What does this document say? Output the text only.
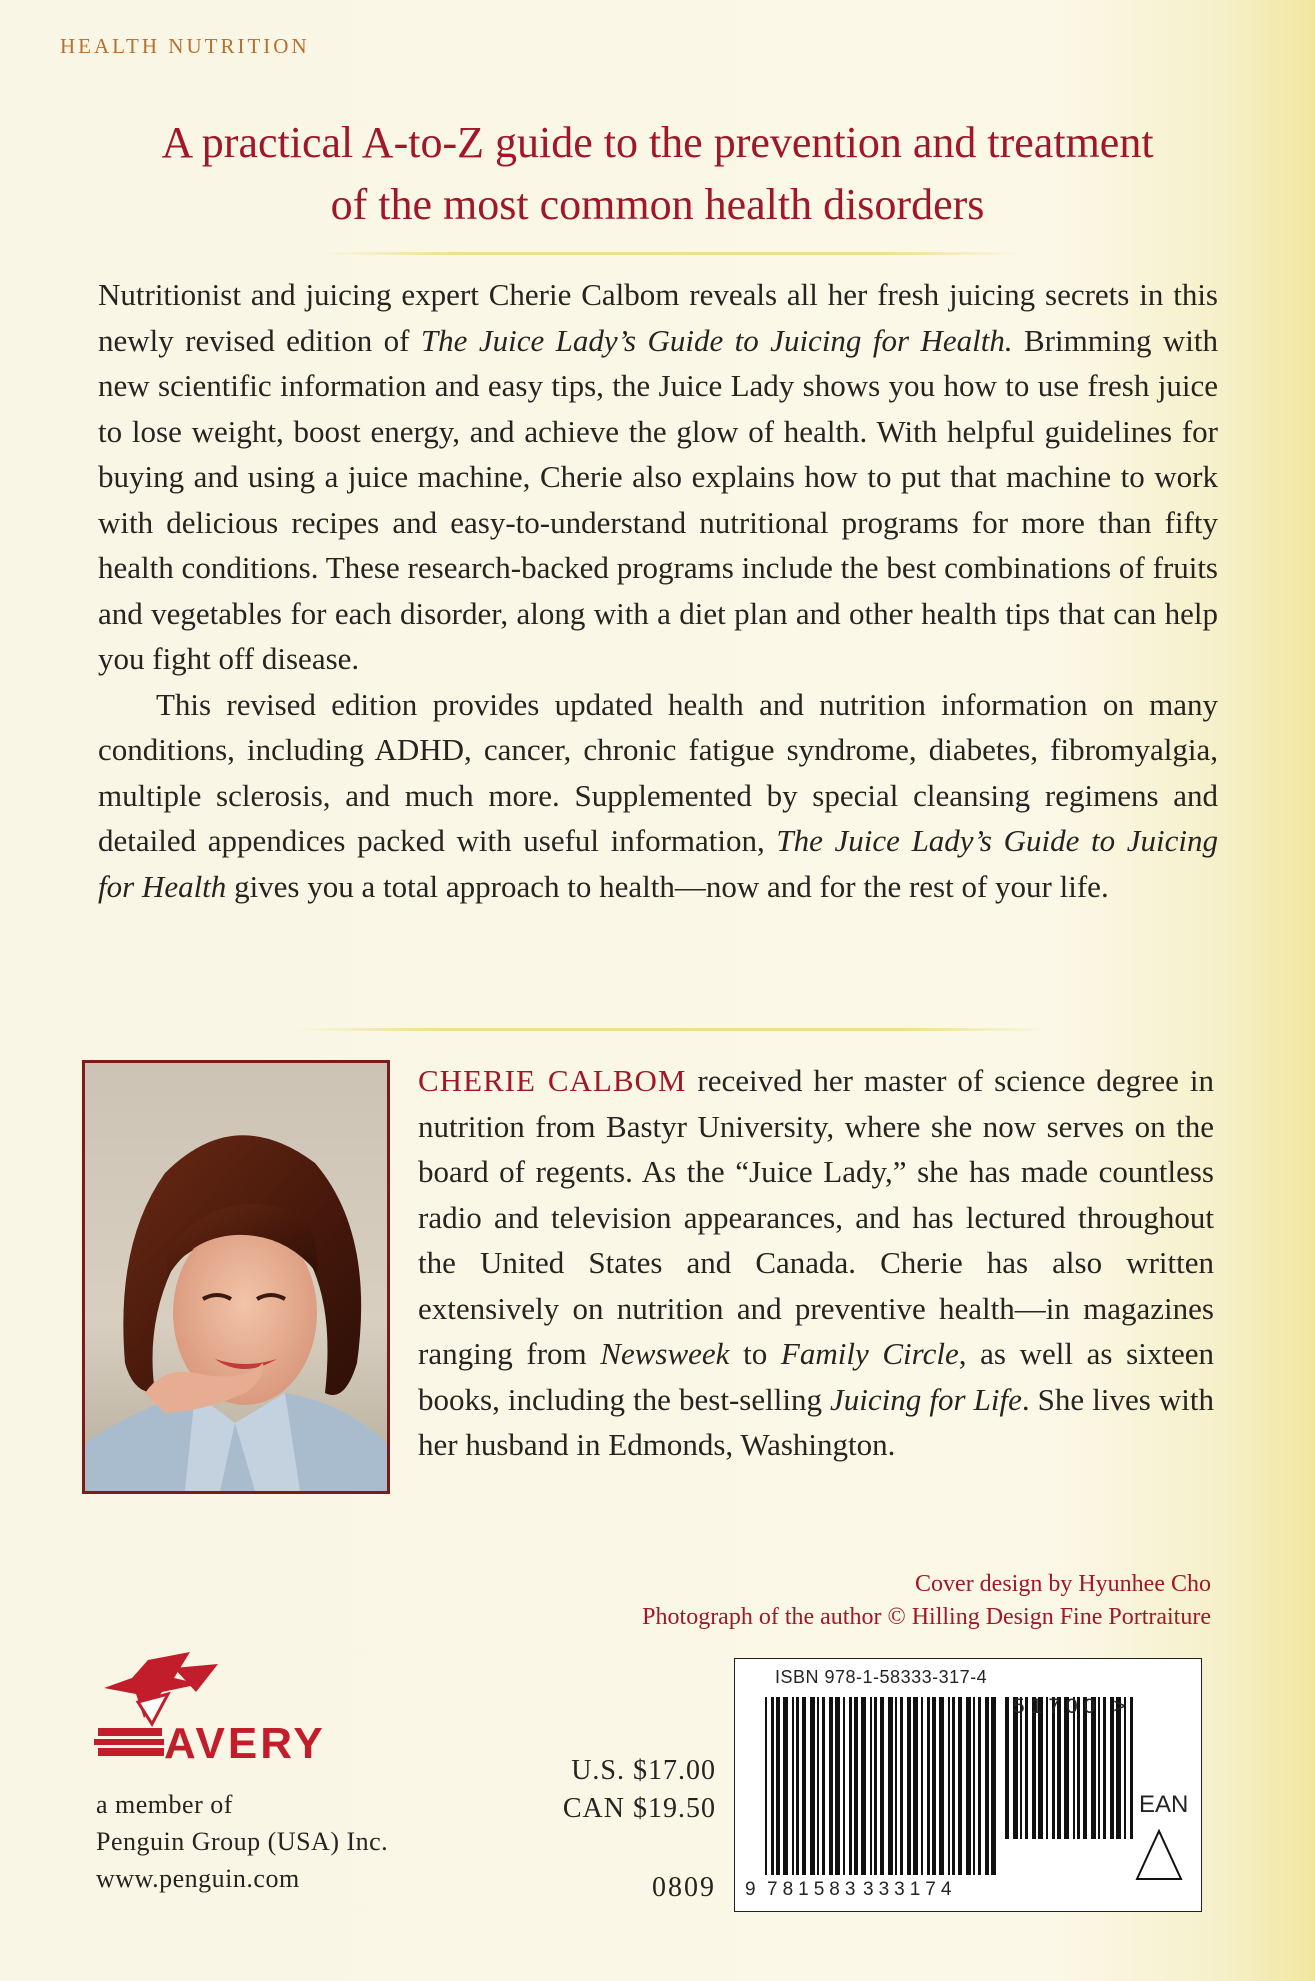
HEALTH NUTRITION
A practical A-to-Z guide to the prevention and treatment
of the most common health disorders

Nutritionist and juicing expert Cherie Calbom reveals all her fresh juicing secrets in this newly revised edition of The Juice Lady’s Guide to Juicing for Health. Brimming with new scientific information and easy tips, the Juice Lady shows you how to use fresh juice to lose weight, boost energy, and achieve the glow of health. With helpful guidelines for buying and using a juice machine, Cherie also explains how to put that machine to work with delicious recipes and easy-to-understand nutritional programs for more than fifty health conditions. These research-backed programs include the best combinations of fruits and vegetables for each disorder, along with a diet plan and other health tips that can help you fight off disease.

This revised edition provides updated health and nutrition information on many conditions, including ADHD, cancer, chronic fatigue syndrome, diabetes, fibromyalgia, multiple sclerosis, and much more. Supplemented by special cleansing regimens and detailed appendices packed with useful information, The Juice Lady’s Guide to Juicing for Health gives you a total approach to health—now and for the rest of your life.

CHERIE CALBOM received her master of science degree in nutrition from Bastyr University, where she now serves on the board of regents. As the “Juice Lady,” she has made countless radio and television appearances, and has lectured throughout the United States and Canada. Cherie has also written extensively on nutrition and preventive health—in magazines ranging from Newsweek to Family Circle, as well as sixteen books, including the best-selling Juicing for Life. She lives with her husband in Edmonds, Washington.
Cover design by Hyunhee Cho
Photograph of the author © Hilling Design Fine Portraiture
AVERY
a member of
Penguin Group (USA) Inc.
www.penguin.com
U.S. $17.00
CAN $19.50
0809
ISBN 978-1-58333-317-4
51700 >
EAN
9 781583 333174
